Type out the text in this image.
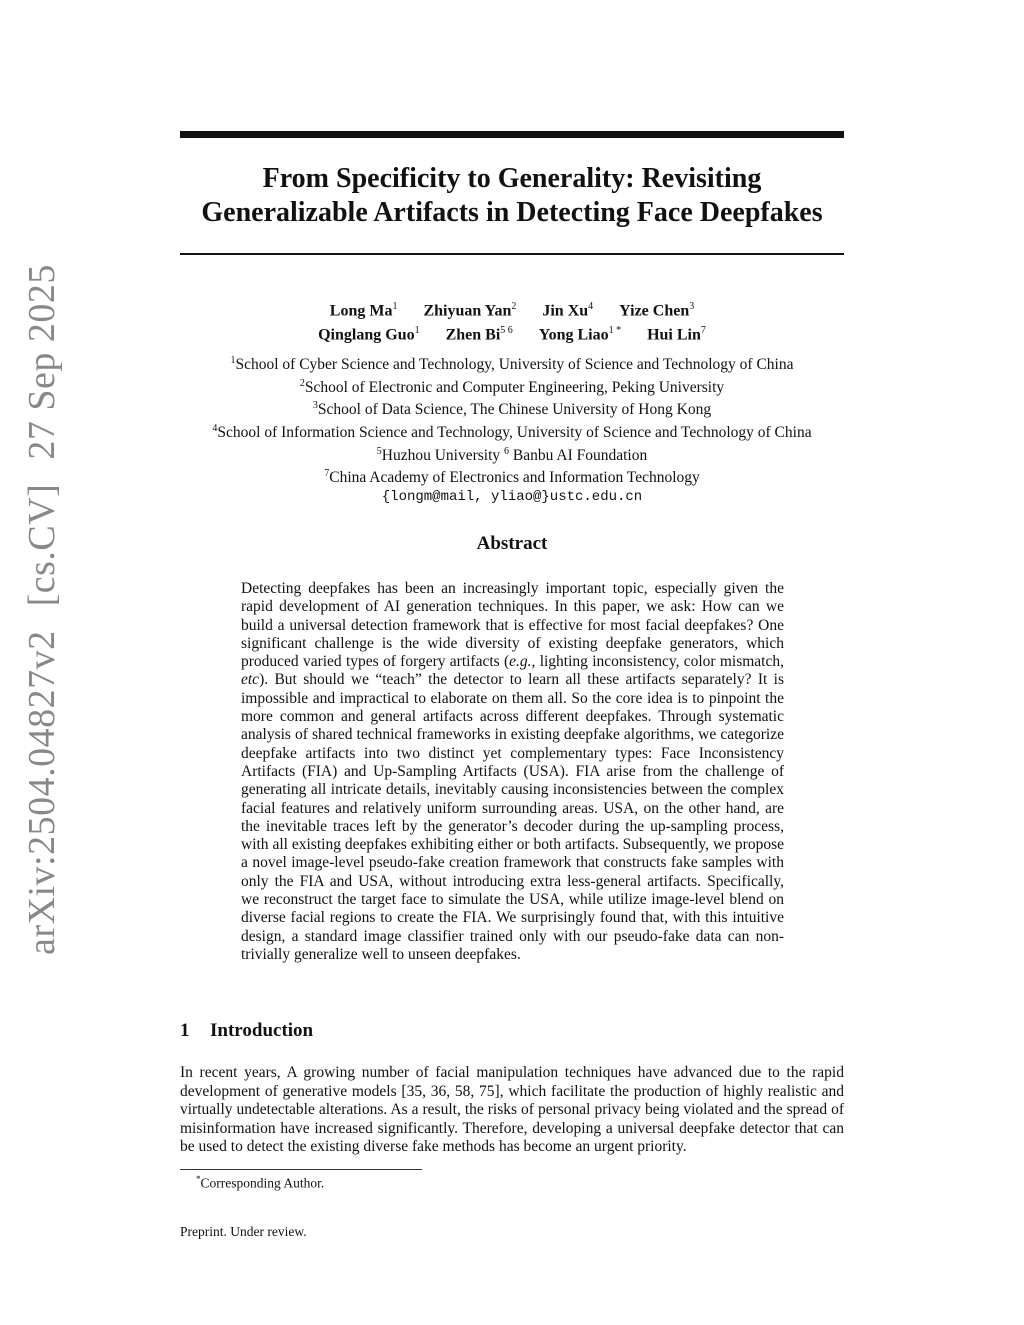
arXiv:2504.04827v2[cs.CV]27 Sep 2025
From Specificity to Generality: Revisiting
Generalizable Artifacts in Detecting Face Deepfakes
Long Ma$^1$ Zhiyuan Yan$^2$ Jin Xu$^4$ Yize Chen$^3$
Qinglang Guo$^1$ Zhen $Bi^{5 6}$ Yong Liao$^{1 *}$ Hui Lin$^7$
$^1$School of Cyber Science and Technology, University of Science and Technology of China
$^2$School of Electronic and Computer Engineering, Peking University
$^3$School of Data Science, The Chinese University of Hong Kong
$^4$School of Information Science and Technology, University of Science and Technology of China
$^5$Huzhou University $^6$ Banbu AI Foundation
$^7$China Academy of Electronics and Information Technology
{longm@mail, yliao@}ustc.edu.cn
Abstract
Detecting deepfakes has been an increasingly important topic, especially given the rapid development of AI generation techniques. In this paper, we ask: How can we build a universal detection framework that is effective for most facial deepfakes? One significant challenge is the wide diversity of existing deepfake generators, which produced varied types of forgery artifacts (e.g., lighting inconsistency, color mismatch, etc). But should we “teach” the detector to learn all these artifacts separately? It is impossible and impractical to elaborate on them all. So the core idea is to pinpoint the more common and general artifacts across different deepfakes. Through systematic analysis of shared technical frameworks in existing deepfake algorithms, we categorize deepfake artifacts into two distinct yet complementary types: Face Inconsistency Artifacts (FIA) and Up-Sampling Artifacts (USA). FIA arise from the challenge of generating all intricate details, inevitably causing inconsistencies between the complex facial features and relatively uniform surrounding areas. USA, on the other hand, are the inevitable traces left by the generator’s decoder during the up-sampling process, with all existing deepfakes exhibiting either or both artifacts. Subsequently, we propose a novel image-level pseudo-fake creation framework that constructs fake samples with only the FIA and USA, without introducing extra less-general artifacts. Specifically, we reconstruct the target face to simulate the USA, while utilize image-level blend on diverse facial regions to create the FIA. We surprisingly found that, with this intuitive design, a standard image classifier trained only with our pseudo-fake data can non-trivially generalize well to unseen deepfakes.
1 Introduction
In recent years, A growing number of facial manipulation techniques have advanced due to the rapid development of generative models [35, 36, 58, 75], which facilitate the production of highly realistic and virtually undetectable alterations. As a result, the risks of personal privacy being violated and the spread of misinformation have increased significantly. Therefore, developing a universal deepfake detector that can be used to detect the existing diverse fake methods has become an urgent priority.
*Corresponding Author.
Preprint. Under review.
